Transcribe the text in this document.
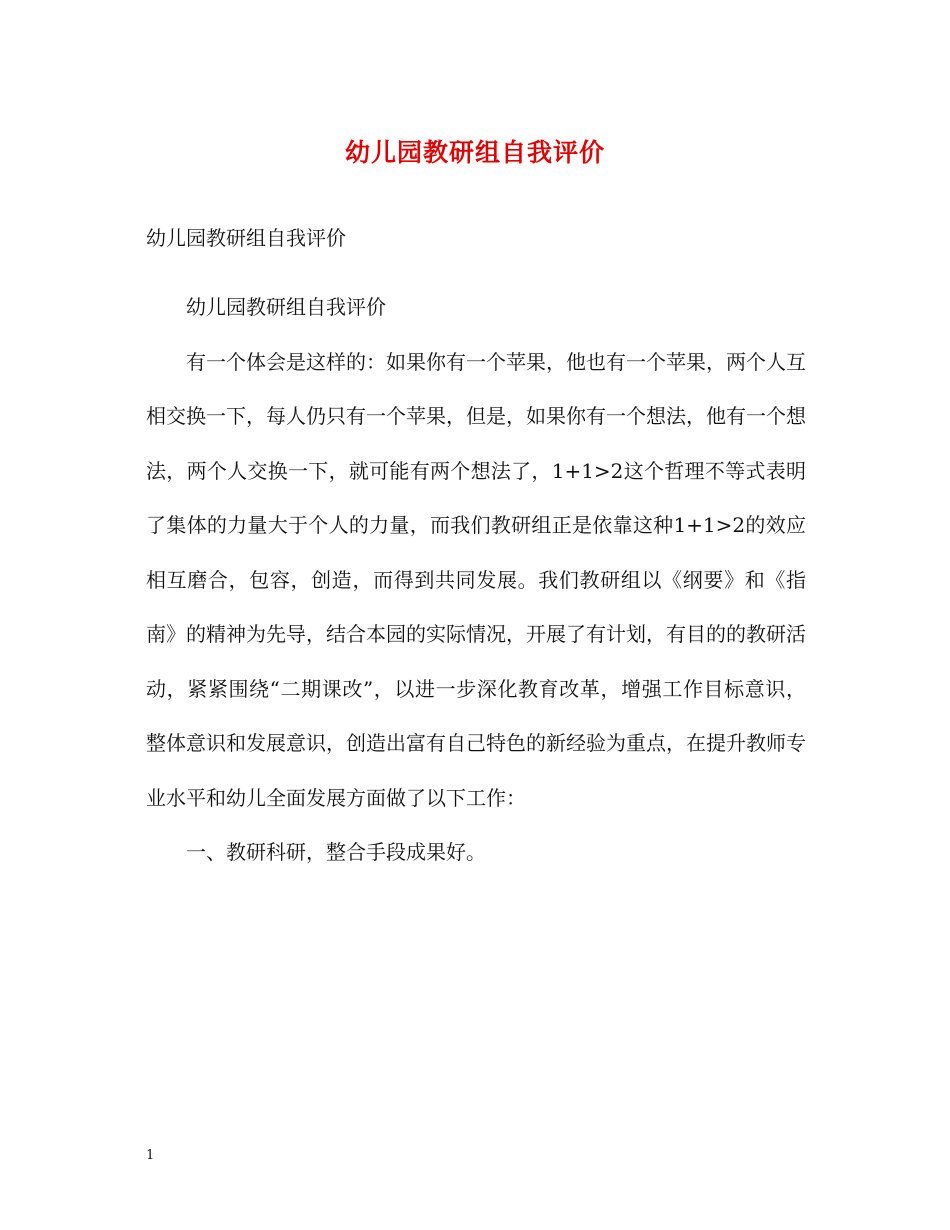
幼儿园教研组自我评价
幼儿园教研组自我评价

幼儿园教研组自我评价

有一个体会是这样的：如果你有一个苹果，他也有一个苹果，两个人互相交换一下，每人仍只有一个苹果，但是，如果你有一个想法，他有一个想法，两个人交换一下，就可能有两个想法了，1+1>2这个哲理不等式表明了集体的力量大于个人的力量，而我们教研组正是依靠这种1+1>2的效应相互磨合，包容，创造，而得到共同发展。我们教研组以《纲要》和《指南》的精神为先导，结合本园的实际情况，开展了有计划，有目的的教研活动，紧紧围绕“二期课改”，以进一步深化教育改革，增强工作目标意识，整体意识和发展意识，创造出富有自己特色的新经验为重点，在提升教师专业水平和幼儿全面发展方面做了以下工作：

一、教研科研，整合手段成果好。

1
